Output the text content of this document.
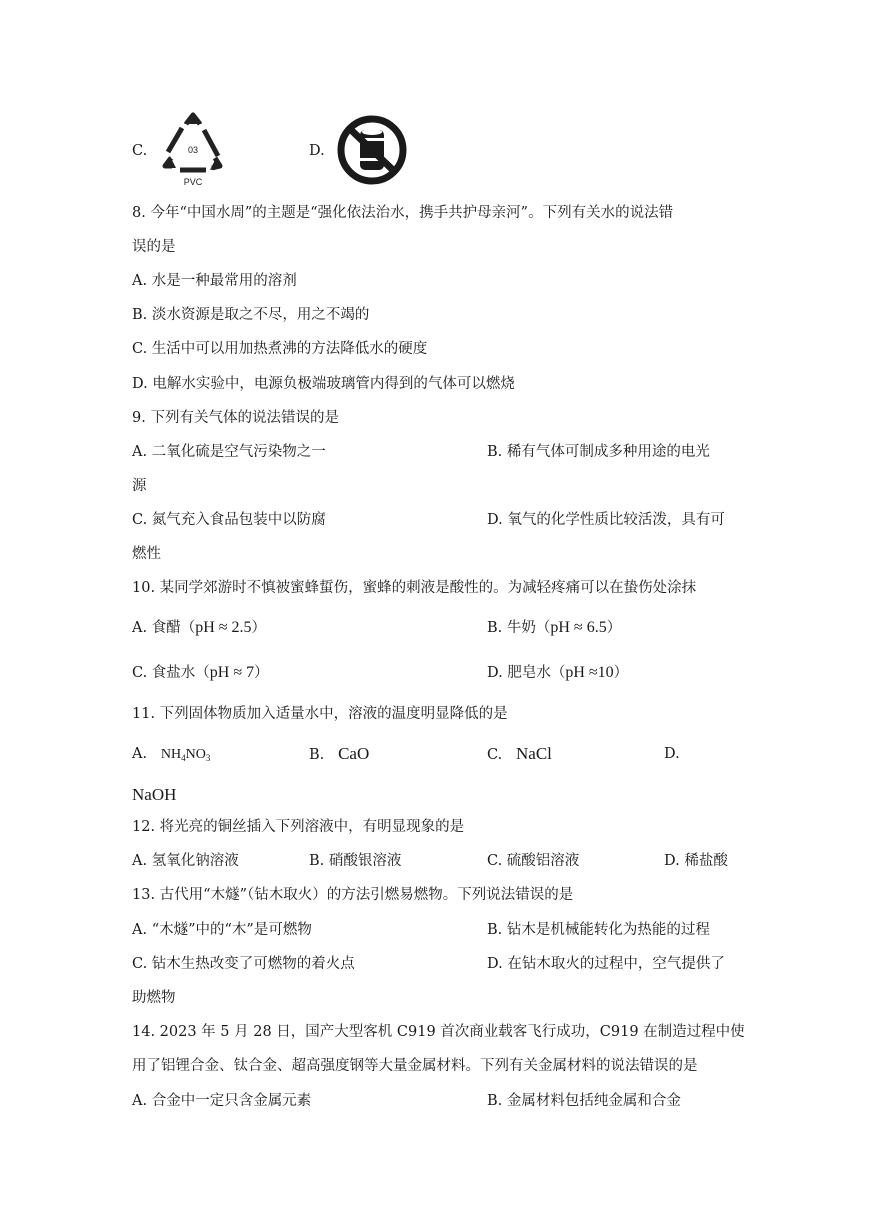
C.	03
PVC
D.
8. 今年“中国水周”的主题是“强化依法治水，携手共护母亲河”。下列有关水的说法错
误的是
A. 水是一种最常用的溶剂
B. 淡水资源是取之不尽，用之不竭的
C. 生活中可以用加热煮沸的方法降低水的硬度
D. 电解水实验中，电源负极端玻璃管内得到的气体可以燃烧
9. 下列有关气体的说法错误的是
A. 二氧化硫是空气污染物之一	B. 稀有气体可制成多种用途的电光
源
C. 氮气充入食品包装中以防腐	D. 氧气的化学性质比较活泼，具有可
燃性
10. 某同学郊游时不慎被蜜蜂蜇伤，蜜蜂的刺液是酸性的。为减轻疼痛可以在蛰伤处涂抹
A. 食醋（pH ≈ 2.5）	B. 牛奶（pH ≈ 6.5）
C. 食盐水（pH ≈ 7）	D. 肥皂水（pH ≈10）
11. 下列固体物质加入适量水中，溶液的温度明显降低的是
A. $NH_4NO_3$	B. CaO	C. NaCl	D.
NaOH
12. 将光亮的铜丝插入下列溶液中，有明显现象的是
A. 氢氧化钠溶液	B. 硝酸银溶液	C. 硫酸铝溶液	D. 稀盐酸
13. 古代用“木燧”（钻木取火）的方法引燃易燃物。下列说法错误的是
A. “木燧”中的“木”是可燃物	B. 钻木是机械能转化为热能的过程
C. 钻木生热改变了可燃物的着火点	D. 在钻木取火的过程中，空气提供了
助燃物
14. 2023 年 5 月 28 日，国产大型客机 C919 首次商业载客飞行成功，C919 在制造过程中使
用了铝锂合金、钛合金、超高强度钢等大量金属材料。下列有关金属材料的说法错误的是
A. 合金中一定只含金属元素	B. 金属材料包括纯金属和合金
